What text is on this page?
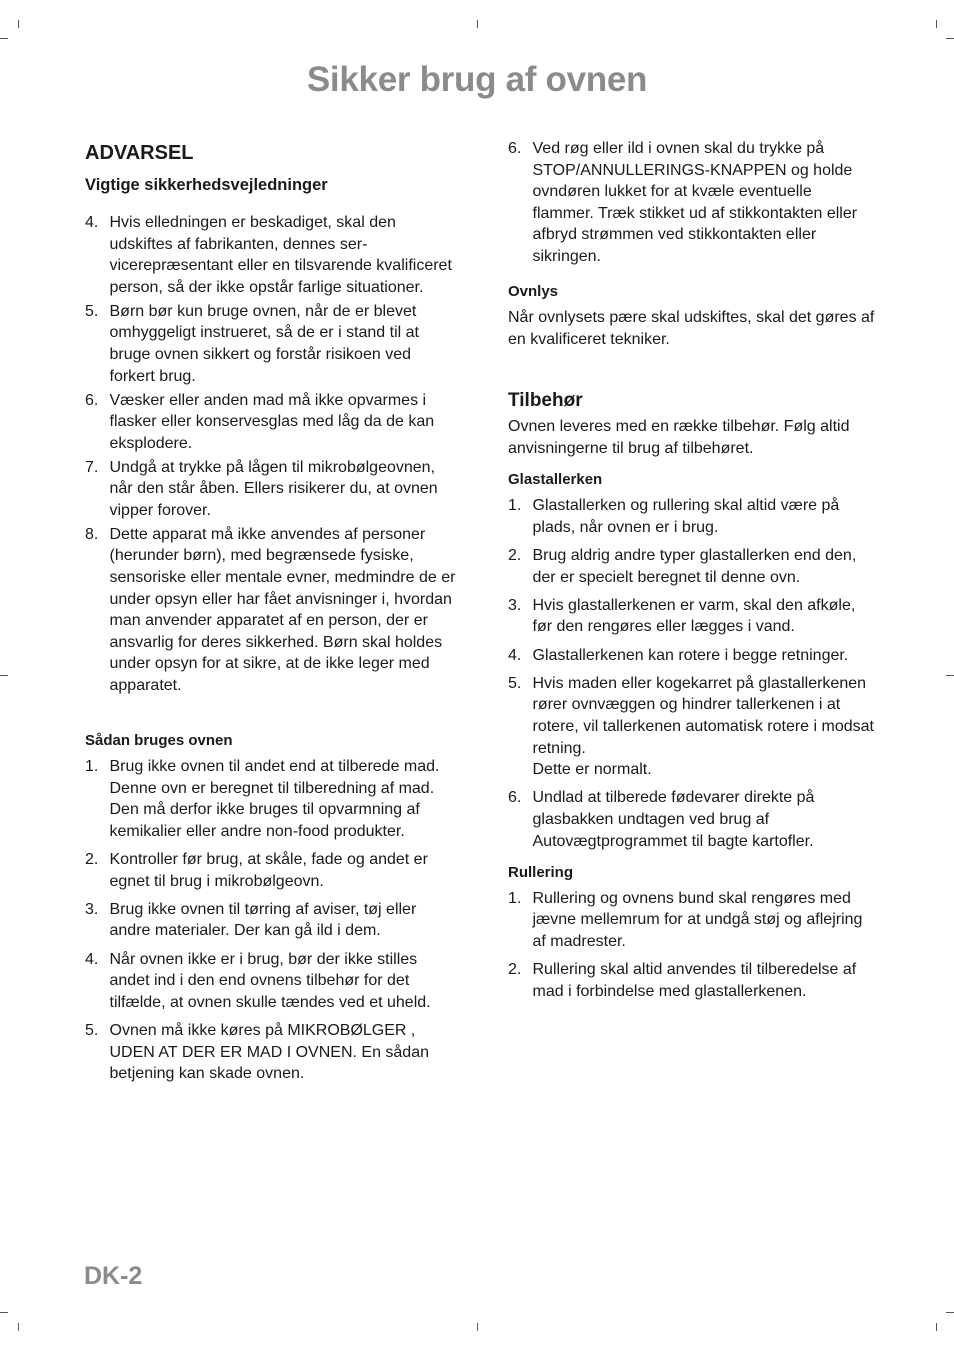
Sikker brug af ovnen
ADVARSEL
Vigtige sikkerhedsvejledninger
4. Hvis elledningen er beskadiget, skal den udskiftes af fabrikanten, dennes servicerepræsentant eller en tilsvarende kvalificeret person, så der ikke opstår farlige situationer.
5. Børn bør kun bruge ovnen, når de er blevet omhyggeligt instrueret, så de er i stand til at bruge ovnen sikkert og forstår risikoen ved forkert brug.
6. Væsker eller anden mad må ikke opvarmes i flasker eller konservesglas med låg da de kan eksplodere.
7. Undgå at trykke på lågen til mikrobølgeovnen, når den står åben. Ellers risikerer du, at ovnen vipper forover.
8. Dette apparat må ikke anvendes af personer (herunder børn), med begrænsede fysiske, sensoriske eller mentale evner, medmindre de er under opsyn eller har fået anvisninger i, hvordan man anvender apparatet af en person, der er ansvarlig for deres sikkerhed. Børn skal holdes under opsyn for at sikre, at de ikke leger med apparatet.
Sådan bruges ovnen
1. Brug ikke ovnen til andet end at tilberede mad. Denne ovn er beregnet til tilberedning af mad. Den må derfor ikke bruges til opvarmning af kemikalier eller andre non-food produkter.
2. Kontroller før brug, at skåle, fade og andet er egnet til brug i mikrobølgeovn.
3. Brug ikke ovnen til tørring af aviser, tøj eller andre materialer. Der kan gå ild i dem.
4. Når ovnen ikke er i brug, bør der ikke stilles andet ind i den end ovnens tilbehør for det tilfælde, at ovnen skulle tændes ved et uheld.
5. Ovnen må ikke køres på MIKROBØLGER , UDEN AT DER ER MAD I OVNEN. En sådan betjening kan skade ovnen.
6. Ved røg eller ild i ovnen skal du trykke på STOP/ANNULLERINGS-KNAPPEN og holde ovndøren lukket for at kvæle eventuelle flammer. Træk stikket ud af stikkontakten eller afbryd strømmen ved stikkontakten eller sikringen.
Ovnlys

Når ovnlysets pære skal udskiftes, skal det gøres af en kvalificeret tekniker.

Tilbehør

Ovnen leveres med en række tilbehør. Følg altid anvisningerne til brug af tilbehøret.

Glastallerken
1. Glastallerken og rullering skal altid være på plads, når ovnen er i brug.
2. Brug aldrig andre typer glastallerken end den, der er specielt beregnet til denne ovn.
3. Hvis glastallerkenen er varm, skal den afkøle, før den rengøres eller lægges i vand.
4. Glastallerkenen kan rotere i begge retninger.
5. Hvis maden eller kogekarret på glastallerkenen rører ovnvæggen og hindrer tallerkenen i at rotere, vil tallerkenen automatisk rotere i modsat retning.
Dette er normalt.
6. Undlad at tilberede fødevarer direkte på glasbakken undtagen ved brug af Autovægtprogrammet til bagte kartofler.
Rullering
1. Rullering og ovnens bund skal rengøres med jævne mellemrum for at undgå støj og aflejring af madrester.
2. Rullering skal altid anvendes til tilberedelse af mad i forbindelse med glastallerkenen.
DK-2
